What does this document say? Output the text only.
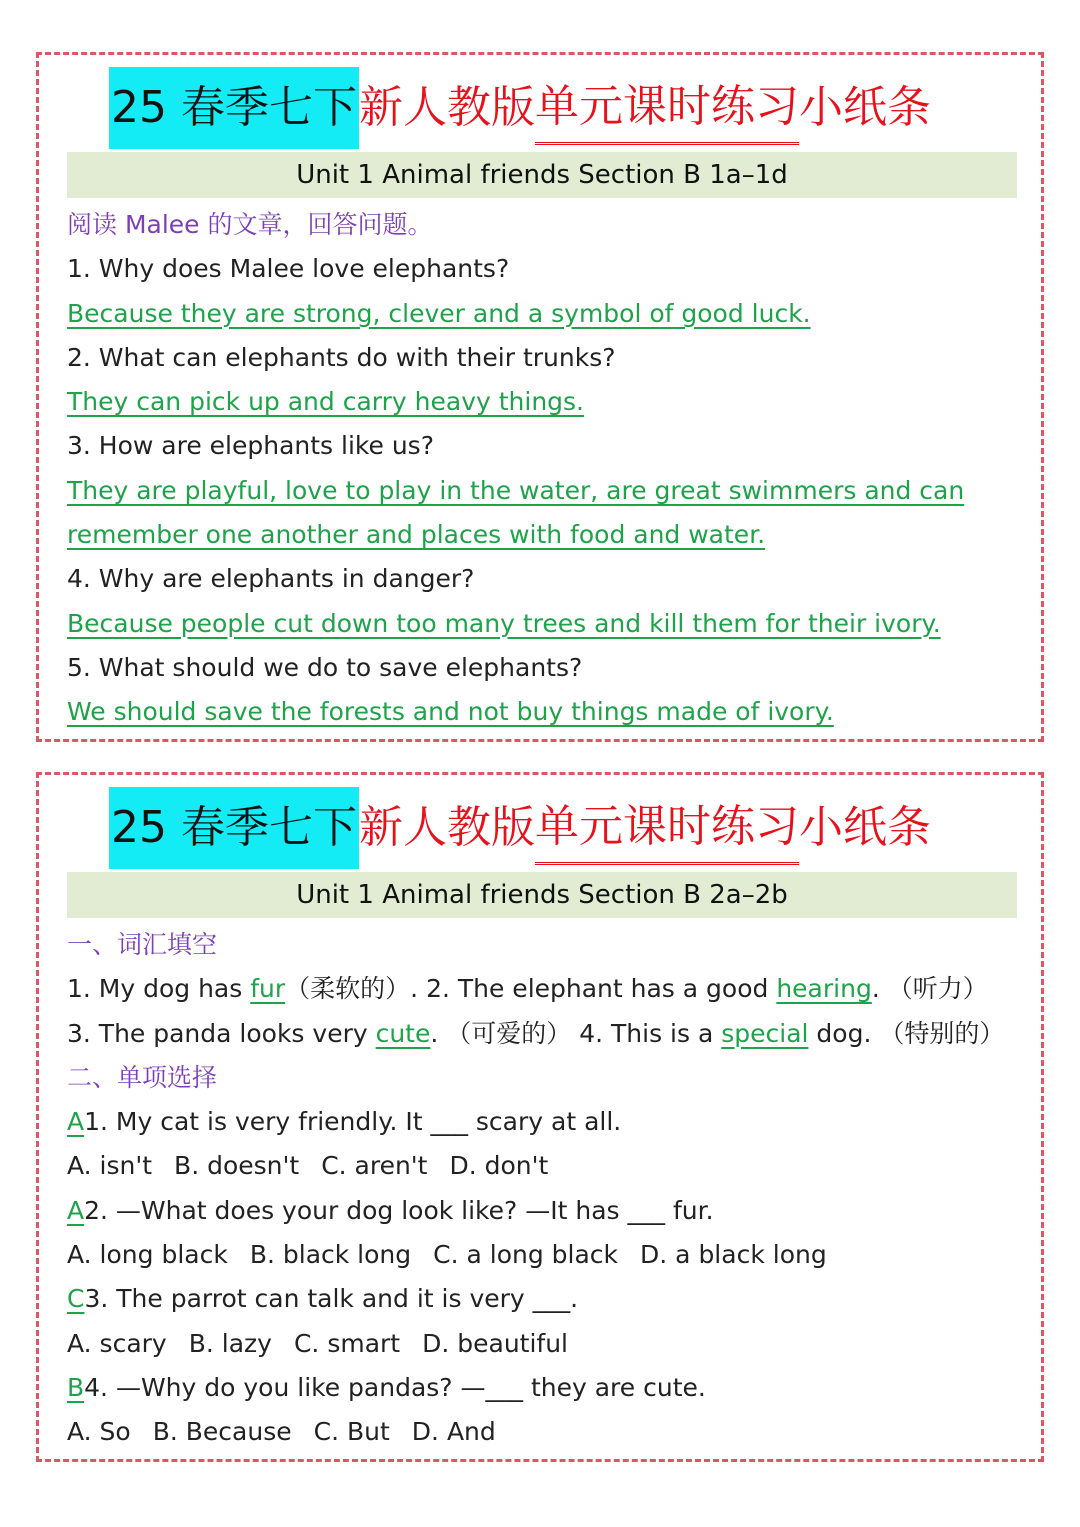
25 春季七下 新人教版 单元课时练习 小纸条
Unit 1 Animal friends Section B 1a–1d
阅读 Malee 的文章，回答问题。
1. Why does Malee love elephants?
Because they are strong, clever and a symbol of good luck.
2. What can elephants do with their trunks?
They can pick up and carry heavy things.
3. How are elephants like us?
They are playful, love to play in the water, are great swimmers and can
remember one another and places with food and water.
4. Why are elephants in danger?
Because people cut down too many trees and kill them for their ivory.
5. What should we do to save elephants?
We should save the forests and not buy things made of ivory.
25 春季七下 新人教版 单元课时练习 小纸条
Unit 1 Animal friends Section B 2a–2b
一、词汇填空
1. My dog has fur（柔软的）. 2. The elephant has a good hearing. （听力）
3. The panda looks very cute. （可爱的） 4. This is a special dog. （特别的）
二、单项选择
A1. My cat is very friendly. It ___ scary at all.
A. isn't B. doesn't C. aren't D. don't
A2. —What does your dog look like? —It has ___ fur.
A. long black B. black long C. a long black D. a black long
C3. The parrot can talk and it is very ___.
A. scary B. lazy C. smart D. beautiful
B4. —Why do you like pandas? —___ they are cute.
A. So B. Because C. But D. And
